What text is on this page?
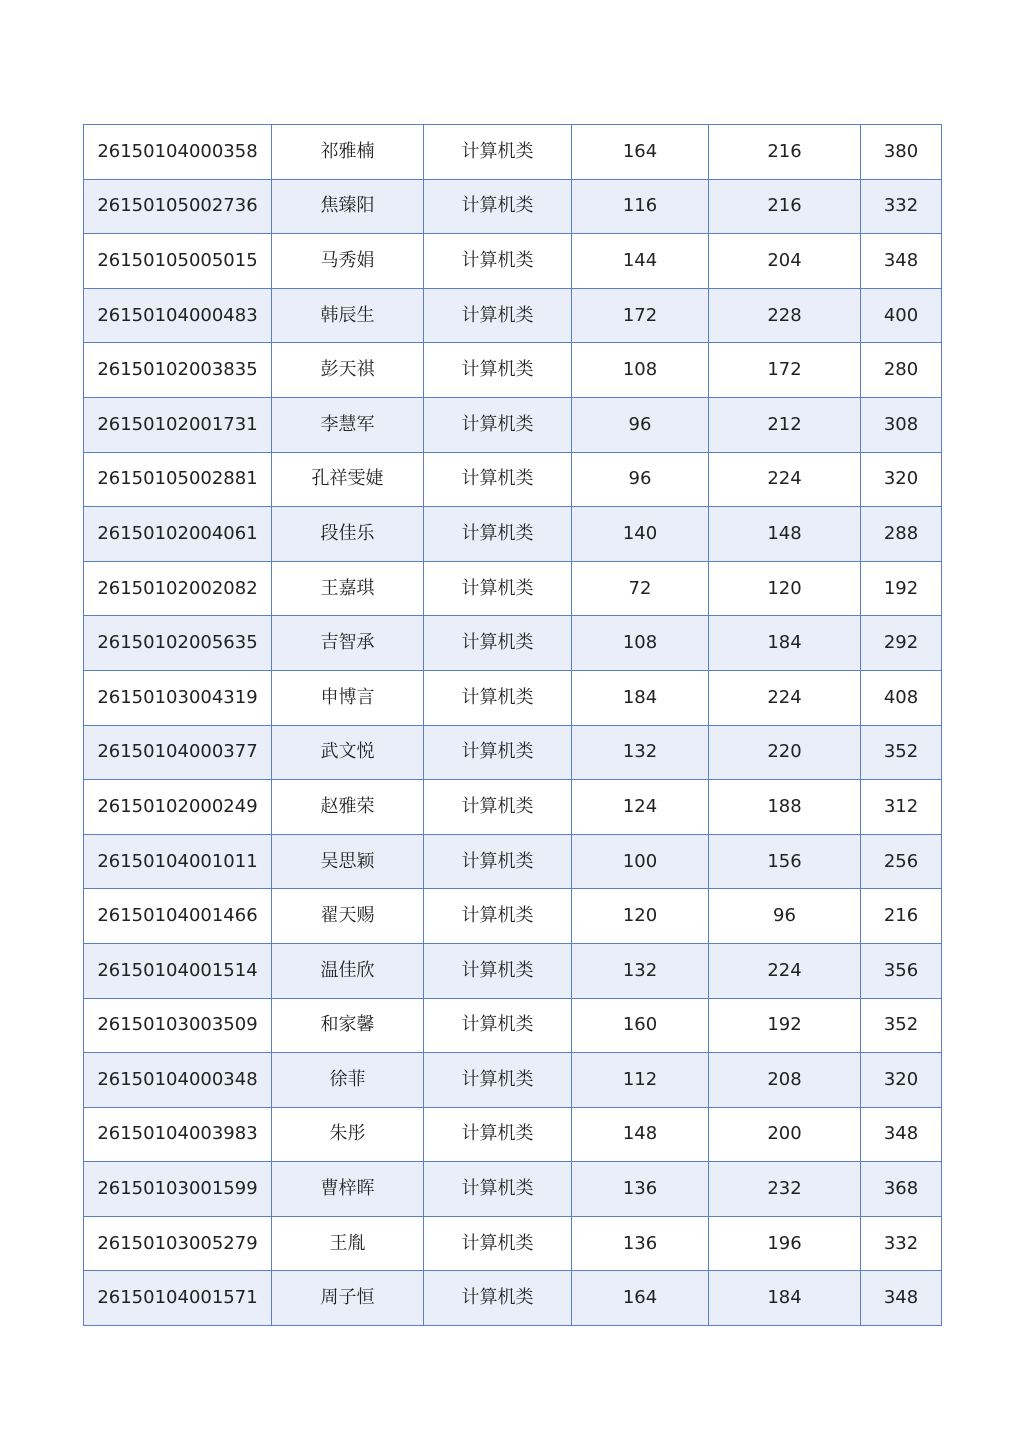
26150104000358	祁雅楠	计算机类	164	216	380
26150105002736	焦臻阳	计算机类	116	216	332
26150105005015	马秀娟	计算机类	144	204	348
26150104000483	韩辰生	计算机类	172	228	400
26150102003835	彭天祺	计算机类	108	172	280
26150102001731	李慧军	计算机类	96	212	308
26150105002881	孔祥雯婕	计算机类	96	224	320
26150102004061	段佳乐	计算机类	140	148	288
26150102002082	王嘉琪	计算机类	72	120	192
26150102005635	吉智承	计算机类	108	184	292
26150103004319	申博言	计算机类	184	224	408
26150104000377	武文悦	计算机类	132	220	352
26150102000249	赵雅荣	计算机类	124	188	312
26150104001011	吴思颖	计算机类	100	156	256
26150104001466	翟天赐	计算机类	120	96	216
26150104001514	温佳欣	计算机类	132	224	356
26150103003509	和家馨	计算机类	160	192	352
26150104000348	徐菲	计算机类	112	208	320
26150104003983	朱彤	计算机类	148	200	348
26150103001599	曹梓晖	计算机类	136	232	368
26150103005279	王胤	计算机类	136	196	332
26150104001571	周子恒	计算机类	164	184	348
